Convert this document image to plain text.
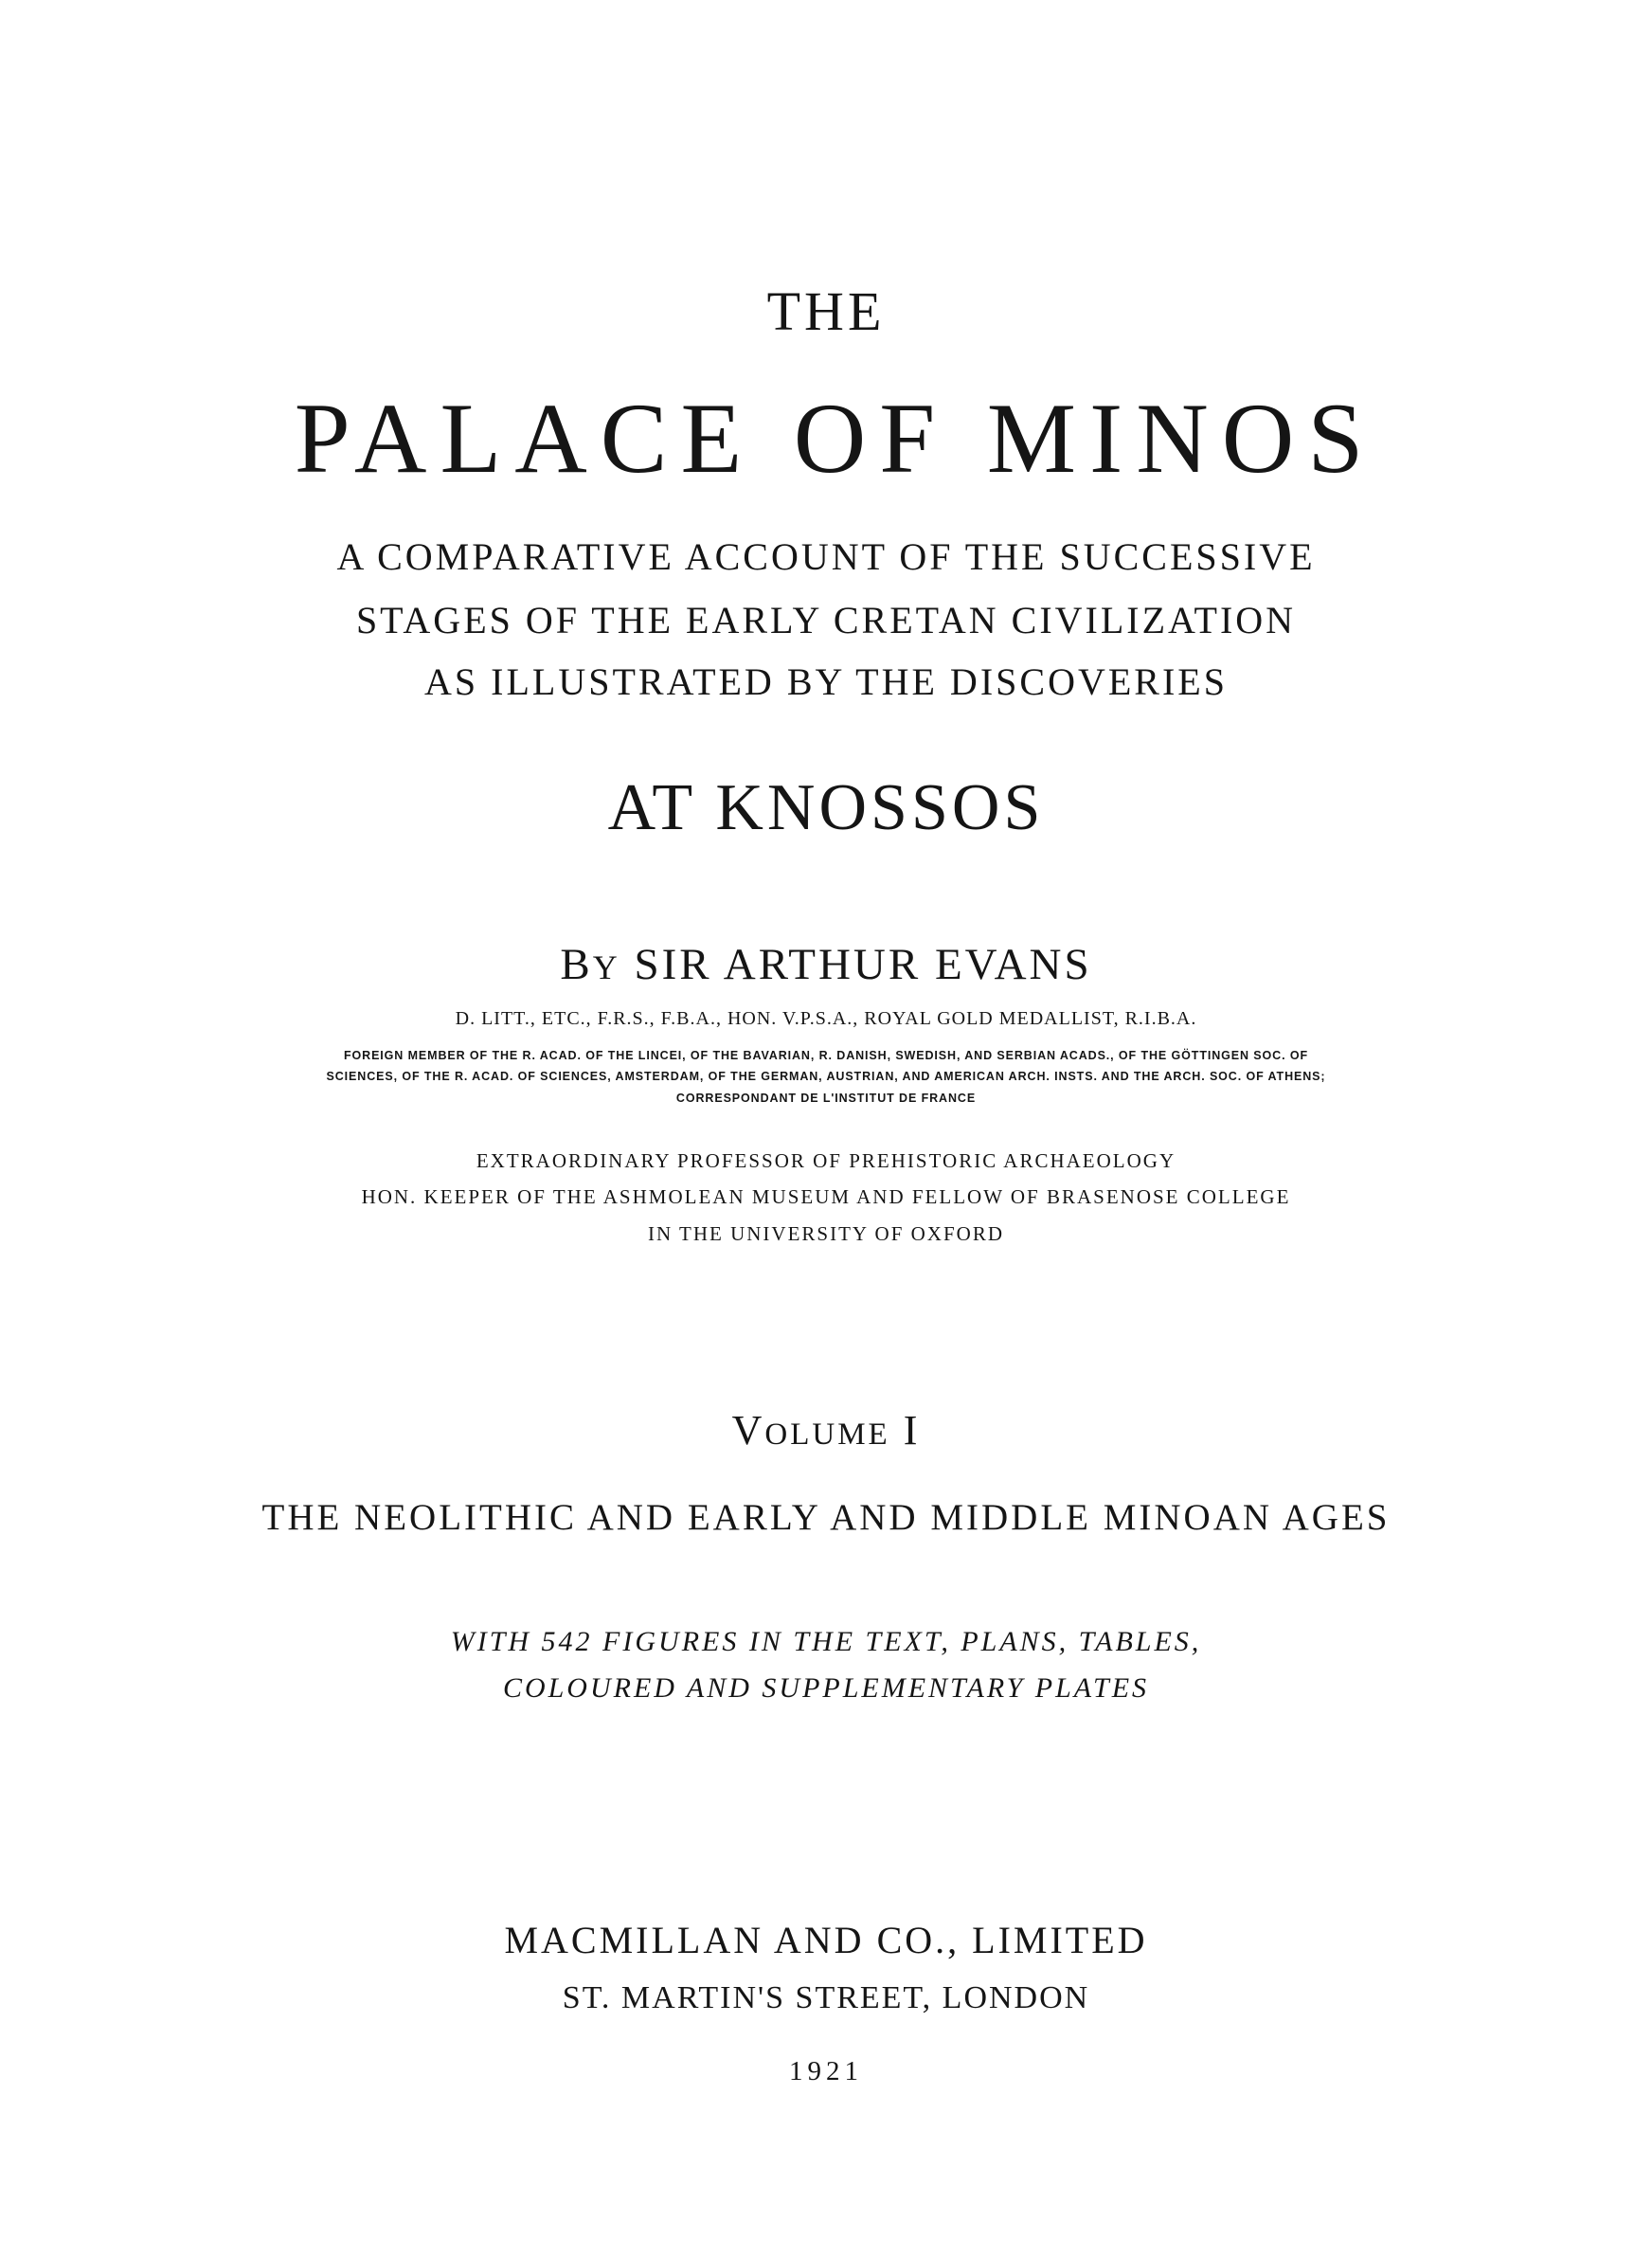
THE
PALACE OF MINOS
A COMPARATIVE ACCOUNT OF THE SUCCESSIVE
STAGES OF THE EARLY CRETAN CIVILIZATION
AS ILLUSTRATED BY THE DISCOVERIES
AT KNOSSOS
BY SIR ARTHUR EVANS
D. LITT., ETC., F.R.S., F.B.A., HON. V.P.S.A., ROYAL GOLD MEDALLIST, R.I.B.A.
FOREIGN MEMBER OF THE R. ACAD. OF THE LINCEI, OF THE BAVARIAN, R. DANISH, SWEDISH, AND SERBIAN ACADS., OF THE GÖTTINGEN SOC. OF
SCIENCES, OF THE R. ACAD. OF SCIENCES, AMSTERDAM, OF THE GERMAN, AUSTRIAN, AND AMERICAN ARCH. INSTS. AND THE ARCH. SOC. OF ATHENS;
CORRESPONDANT DE L'INSTITUT DE FRANCE
EXTRAORDINARY PROFESSOR OF PREHISTORIC ARCHAEOLOGY
HON. KEEPER OF THE ASHMOLEAN MUSEUM AND FELLOW OF BRASENOSE COLLEGE
IN THE UNIVERSITY OF OXFORD
VOLUME I
THE NEOLITHIC AND EARLY AND MIDDLE MINOAN AGES
WITH 542 FIGURES IN THE TEXT, PLANS, TABLES,
COLOURED AND SUPPLEMENTARY PLATES
MACMILLAN AND CO., LIMITED
ST. MARTIN'S STREET, LONDON
1921
